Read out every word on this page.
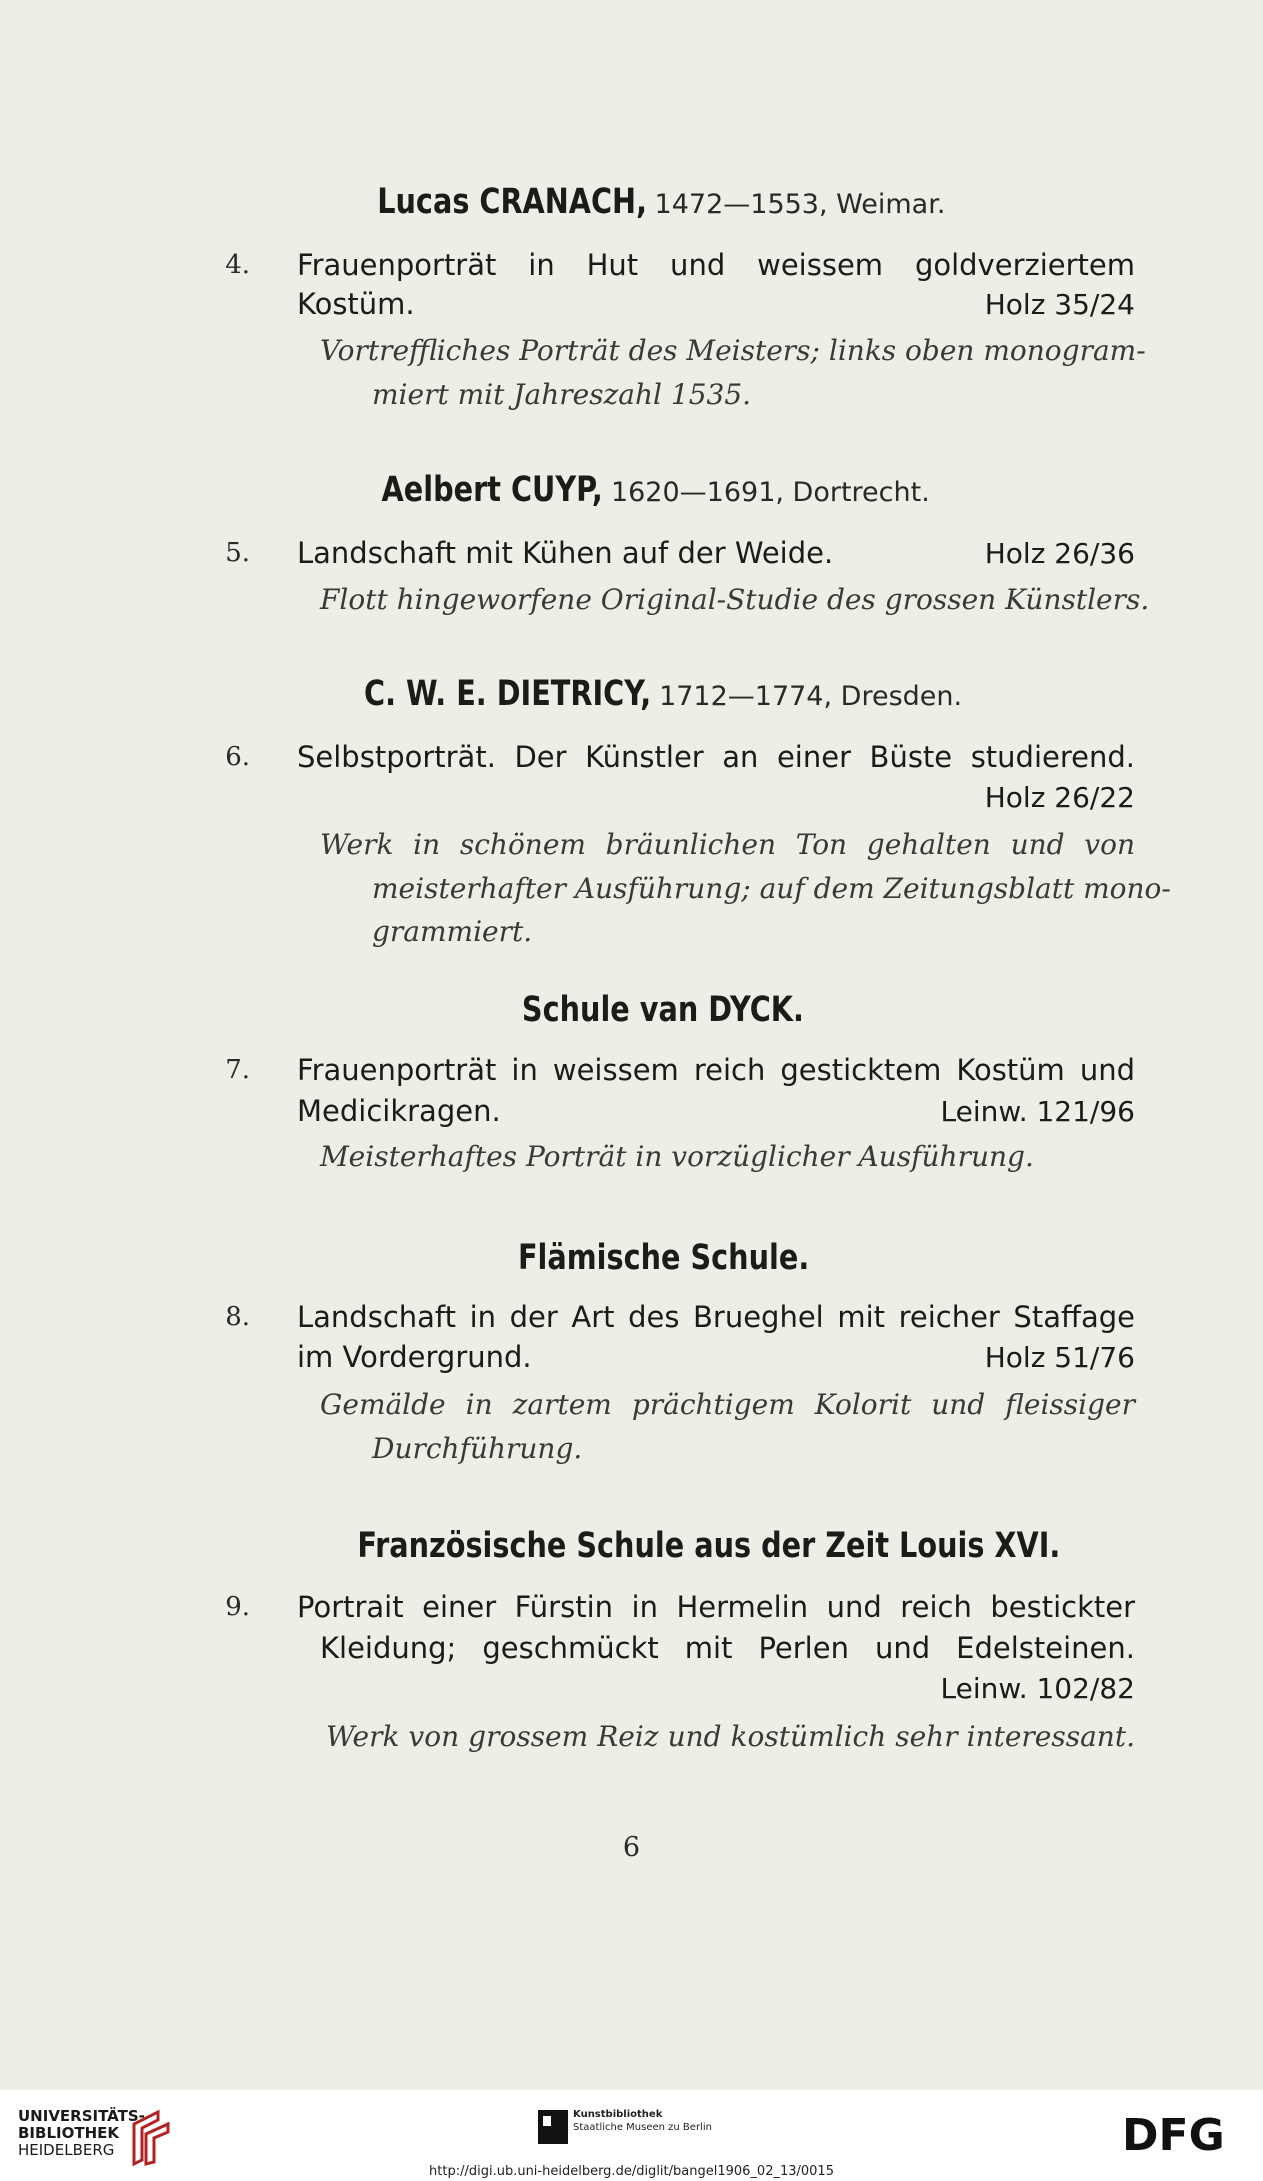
Lucas CRANACH, 1472—1553, Weimar.
4. Frauenporträt in Hut und weissem goldverziertem
Kostüm.	Holz 35/24
Vortreffliches Porträt des Meisters; links oben monogram-
miert mit Jahreszahl 1535.
Aelbert CUYP, 1620—1691, Dortrecht.
5. Landschaft mit Kühen auf der Weide.	Holz 26/36
Flott hingeworfene Original-Studie des grossen Künstlers.
C. W. E. DIETRICY, 1712—1774, Dresden.
6. Selbstporträt. Der Künstler an einer Büste studierend.
Holz 26/22
Werk in schönem bräunlichen Ton gehalten und von
meisterhafter Ausführung; auf dem Zeitungsblatt mono-
grammiert.
Schule van DYCK.
7. Frauenporträt in weissem reich gesticktem Kostüm und
Medicikragen.	Leinw. 121/96
Meisterhaftes Porträt in vorzüglicher Ausführung.
Flämische Schule.
8. Landschaft in der Art des Brueghel mit reicher Staffage
im Vordergrund.	Holz 51/76
Gemälde in zartem prächtigem Kolorit und fleissiger
Durchführung.
Französische Schule aus der Zeit Louis XVI.
9. Portrait einer Fürstin in Hermelin und reich bestickter
Kleidung; geschmückt mit Perlen und Edelsteinen.
Leinw. 102/82
Werk von grossem Reiz und kostümlich sehr interessant.
6
UNIVERSITÄTS-
BIBLIOTHEK
HEIDELBERG
Kunstbibliothek
Staatliche Museen zu Berlin	DFG
http://digi.ub.uni-heidelberg.de/diglit/bangel1906_02_13/0015
